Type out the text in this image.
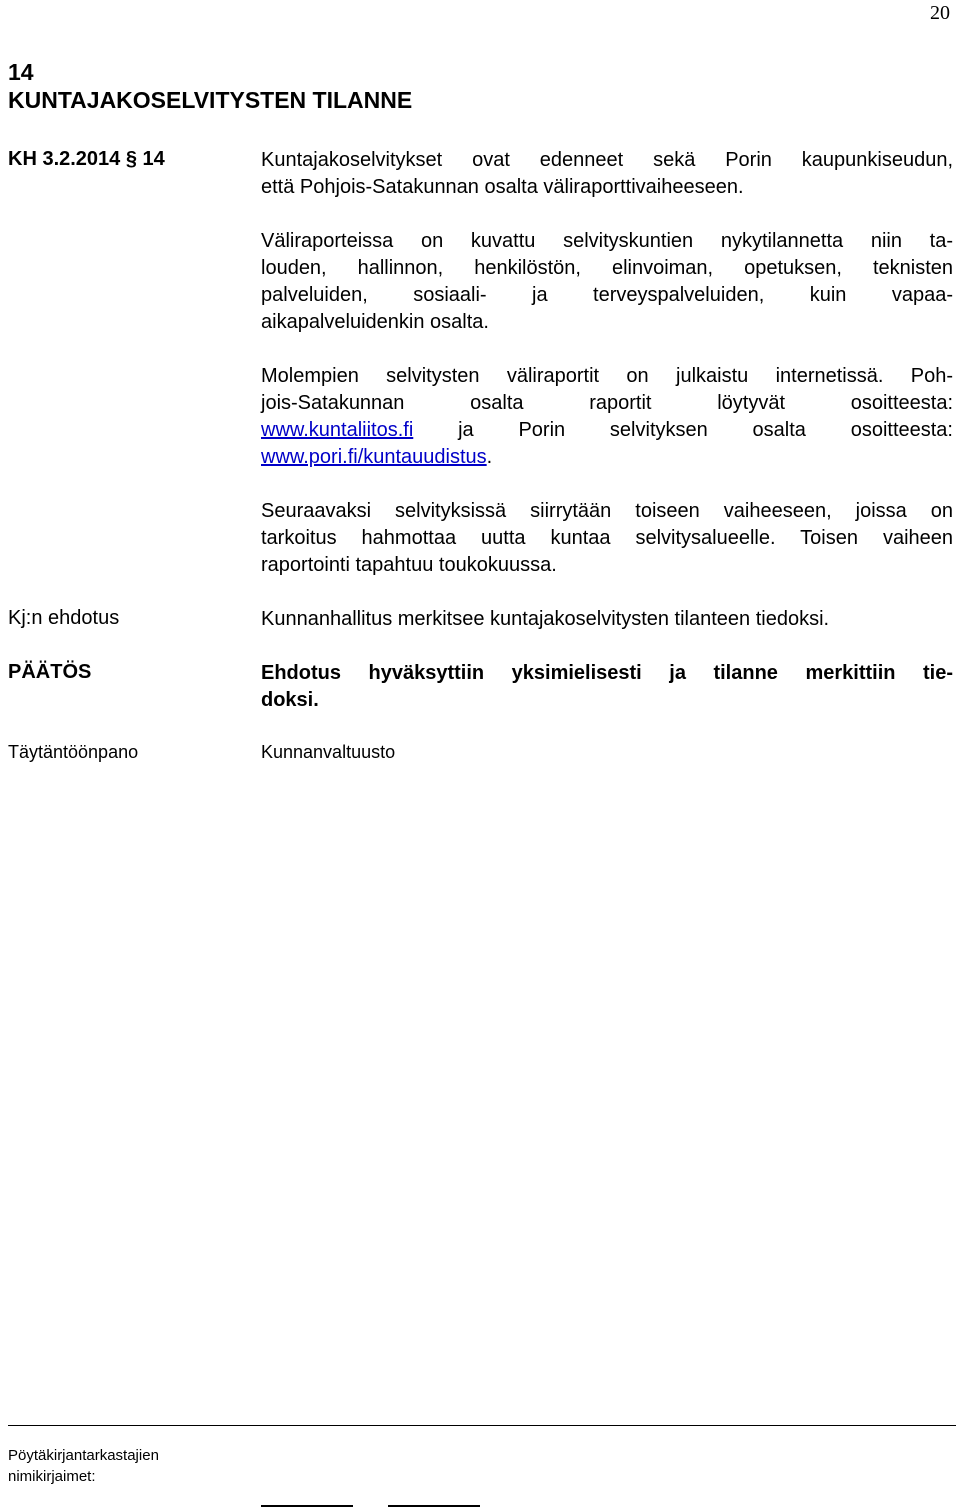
20
14
KUNTAJAKOSELVITYSTEN TILANNE
KH 3.2.2014 § 14	Kuntajakoselvitykset ovat edenneet sekä Porin kaupunkiseudun,
että Pohjois-Satakunnan osalta väliraporttivaiheeseen.

Väliraporteissa on kuvattu selvityskuntien nykytilannetta niin ta-
louden, hallinnon, henkilöstön, elinvoiman, opetuksen, teknisten
palveluiden, sosiaali- ja terveyspalveluiden, kuin vapaa-
aikapalveluidenkin osalta.

Molempien selvitysten väliraportit on julkaistu internetissä. Poh-
jois-Satakunnan osalta raportit löytyvät osoitteesta:
www.kuntaliitos.fi ja Porin selvityksen osalta osoitteesta:
www.pori.fi/kuntauudistus.

Seuraavaksi selvityksissä siirrytään toiseen vaiheeseen, joissa on
tarkoitus hahmottaa uutta kuntaa selvitysalueelle. Toisen vaiheen
raportointi tapahtuu toukokuussa.

Kj:n ehdotus	Kunnanhallitus merkitsee kuntajakoselvitysten tilanteen tiedoksi.

PÄÄTÖS	Ehdotus hyväksyttiin yksimielisesti ja tilanne merkittiin tie-
doksi.

Täytäntöönpano	Kunnanvaltuusto
Pöytäkirjantarkastajien
nimikirjaimet:
